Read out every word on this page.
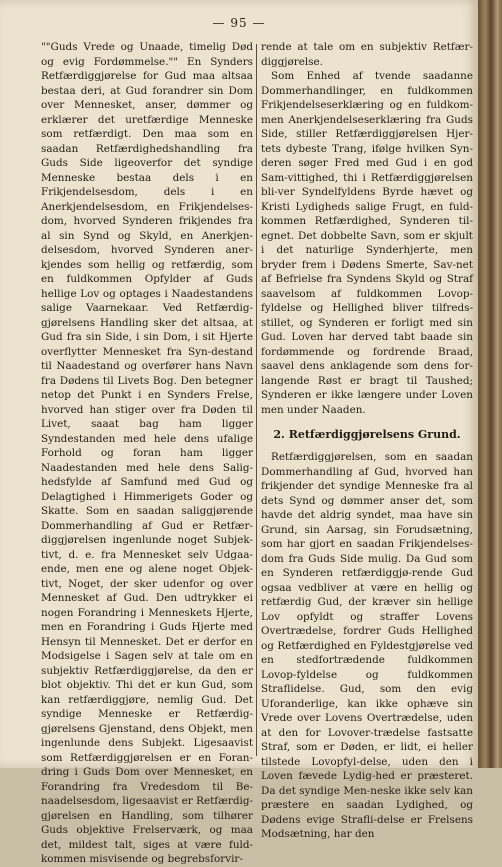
— 95 —

""Guds Vrede og Unaade, timelig Død og evig Fordømmelse."" En Synders Retfærdiggjørelse for Gud maa altsaa bestaa deri, at Gud forandrer sin Dom over Mennesket, anser, dømmer og erklærer det uretfærdige Menneske som retfærdigt. Den maa som en saadan Retfærdighedshandling fra Guds Side ligeoverfor det syndige Menneske bestaa dels i en Frikjendelsesdom, dels i en Anerkjendelsesdom, en Frikjendelses-dom, hvorved Synderen frikjendes fra al sin Synd og Skyld, en Anerkjen-delsesdom, hvorved Synderen aner-kjendes som hellig og retfærdig, som en fuldkommen Opfylder af Guds hellige Lov og optages i Naadestandens salige Vaarnekaar. Ved Retfærdig-gjørelsens Handling sker det altsaa, at Gud fra sin Side, i sin Dom, i sit Hjerte overflytter Mennesket fra Syn-destand til Naadestand og overfører hans Navn fra Dødens til Livets Bog. Den betegner netop det Punkt i en Synders Frelse, hvorved han stiger over fra Døden til Livet, saaat bag ham ligger Syndestanden med hele dens ufalige Forhold og foran ham ligger Naadestanden med hele dens Salig-hedsfylde af Samfund med Gud og Delagtighed i Himmerigets Goder og Skatte. Som en saadan saliggjørende Dommerhandling af Gud er Retfær-diggjørelsen ingenlunde noget Subjek-tivt, d. e. fra Mennesket selv Udgaa-ende, men ene og alene noget Objek-tivt, Noget, der sker udenfor og over Mennesket af Gud. Den udtrykker ei nogen Forandring i Menneskets Hjerte, men en Forandring i Guds Hjerte med Hensyn til Mennesket. Det er derfor en Modsigelse i Sagen selv at tale om en subjektiv Retfærdiggjørelse, da den er blot objektiv. Thi det er kun Gud, som kan retfærdiggjøre, nemlig Gud. Det syndige Menneske er Retfærdig-gjørelsens Gjenstand, dens Objekt, men ingenlunde dens Subjekt. Ligesaavist som Retfærdiggjørelsen er en Foran-dring i Guds Dom over Mennesket, en Forandring fra Vredesdom til Be-naadelsesdom, ligesaavist er Retfærdig-gjørelsen en Handling, som tilhører Guds objektive Frelserværk, og maa det, mildest talt, siges at være fuld-kommen misvisende og begrebsforvir-

rende at tale om en subjektiv Retfær-diggjørelse.

Som Enhed af tvende saadanne Dommerhandlinger, en fuldkommen Frikjendelseserklæring og en fuldkom-men Anerkjendelseserklæring fra Guds Side, stiller Retfærdiggjørelsen Hjer-tets dybeste Trang, ifølge hvilken Syn-deren søger Fred med Gud i en god Sam-vittighed, thi i Retfærdiggjørelsen bli-ver Syndelfyldens Byrde hævet og Kristi Lydigheds salige Frugt, en fuld-kommen Retfærdighed, Synderen til-egnet. Det dobbelte Savn, som er skjult i det naturlige Synderhjerte, men bryder frem i Dødens Smerte, Sav-net af Befrielse fra Syndens Skyld og Straf saavelsom af fuldkommen Lovop-fyldelse og Hellighed bliver tilfreds-stillet, og Synderen er forligt med sin Gud. Loven har derved tabt baade sin fordømmende og fordrende Braad, saavel dens anklagende som dens for-langende Røst er bragt til Taushed; Synderen er ikke længere under Loven men under Naaden.

2. Retfærdiggjørelsens Grund.

Retfærdiggjørelsen, som en saadan Dommerhandling af Gud, hvorved han frikjender det syndige Menneske fra al dets Synd og dømmer anser det, som havde det aldrig syndet, maa have sin Grund, sin Aarsag, sin Forudsætning, som har gjort en saadan Frikjendelses-dom fra Guds Side mulig. Da Gud som en Synderen retfærdiggjø-rende Gud ogsaa vedbliver at være en hellig og retfærdig Gud, der kræver sin hellige Lov opfyldt og straffer Lovens Overtrædelse, fordrer Guds Hellighed og Retfærdighed en Fyldestgjørelse ved en stedfortrædende fuldkommen Lovop-fyldelse og fuldkommen Straflidelse. Gud, som den evig Uforanderlige, kan ikke ophæve sin Vrede over Lovens Overtrædelse, uden at den for Lovover-trædelse fastsatte Straf, som er Døden, er lidt, ei heller tilstede Lovopfyl-delse, uden den i Loven fævede Lydig-hed er præsteret. Da det syndige Men-neske ikke selv kan præstere en saadan Lydighed, og Dødens evige Strafli-delse er Frelsens Modsætning, har den
